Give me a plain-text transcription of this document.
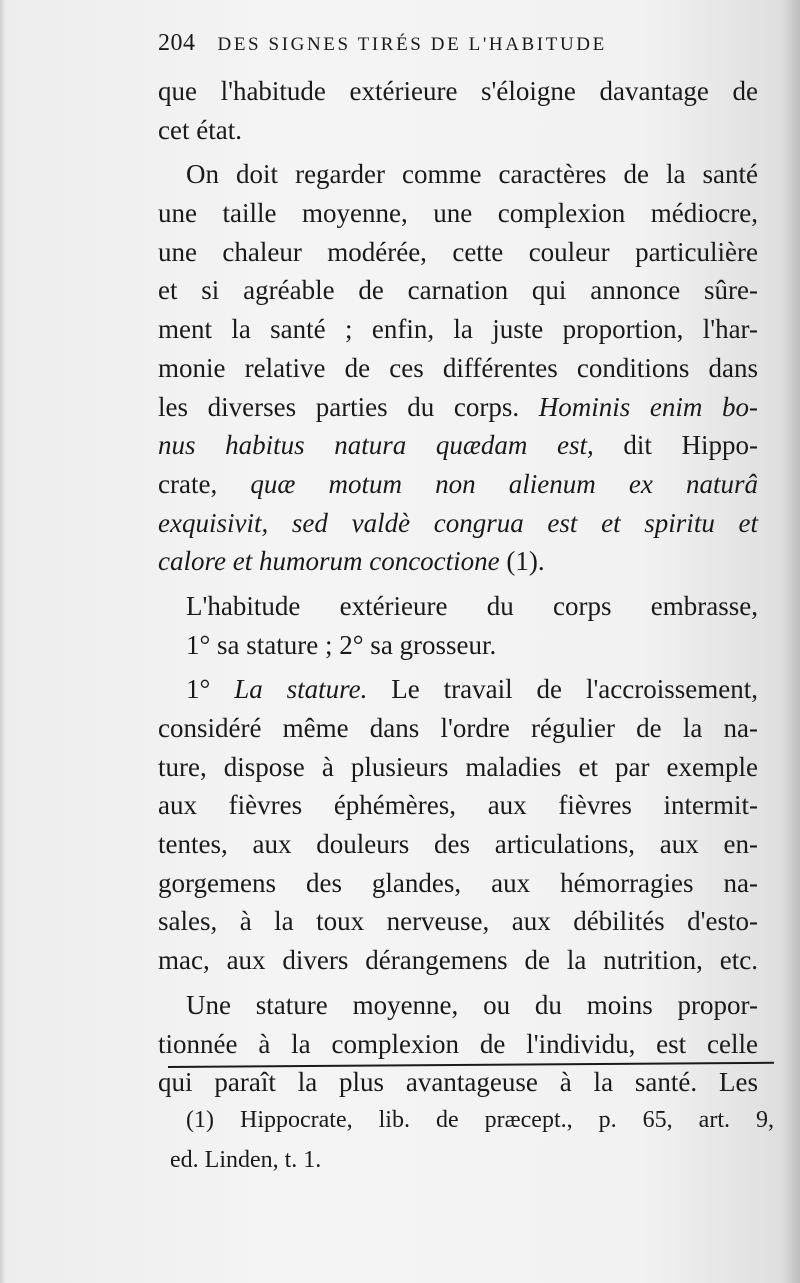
204 DES SIGNES TIRÉS DE L'HABITUDE
que l'habitude extérieure s'éloigne davantage de
cet état.
On doit regarder comme caractères de la santé
une taille moyenne, une complexion médiocre,
une chaleur modérée, cette couleur particulière
et si agréable de carnation qui annonce sûre-
ment la santé ; enfin, la juste proportion, l'har-
monie relative de ces différentes conditions dans
les diverses parties du corps. Hominis enim bo-
nus habitus natura quædam est, dit Hippo-
crate, quæ motum non alienum ex naturâ
exquisivit, sed valdè congrua est et spiritu et
calore et humorum concoctione (1).
L'habitude extérieure du corps embrasse,
1° sa stature ; 2° sa grosseur.
1° La stature. Le travail de l'accroissement,
considéré même dans l'ordre régulier de la na-
ture, dispose à plusieurs maladies et par exemple
aux fièvres éphémères, aux fièvres intermit-
tentes, aux douleurs des articulations, aux en-
gorgemens des glandes, aux hémorragies na-
sales, à la toux nerveuse, aux débilités d'esto-
mac, aux divers dérangemens de la nutrition, etc.
Une stature moyenne, ou du moins propor-
tionnée à la complexion de l'individu, est celle
qui paraît la plus avantageuse à la santé. Les
(1) Hippocrate, lib. de præcept., p. 65, art. 9,
ed. Linden, t. 1.
